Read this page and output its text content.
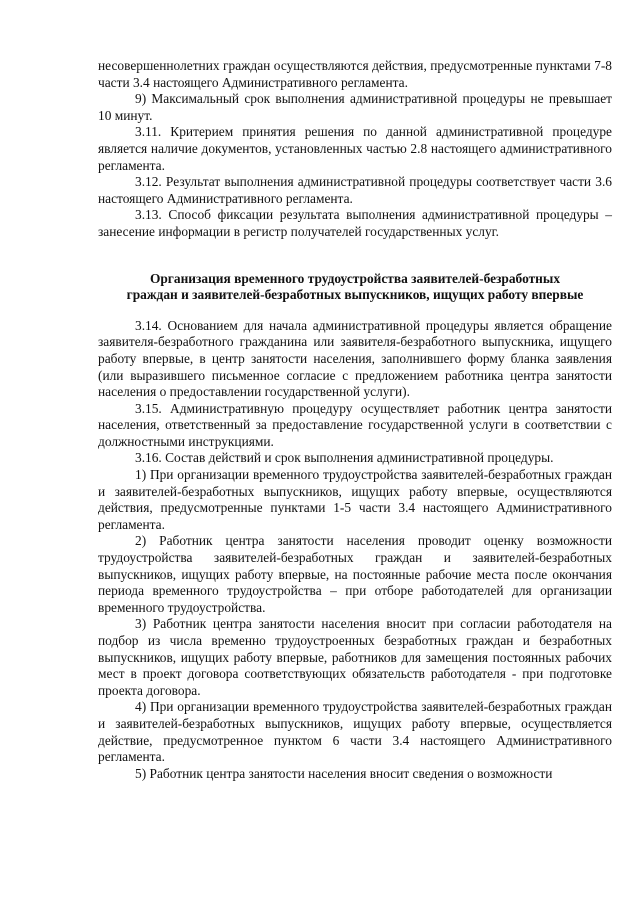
несовершеннолетних граждан осуществляются действия, предусмотренные пунктами 7-8 части 3.4 настоящего Административного регламента.

9) Максимальный срок выполнения административной процедуры не превышает 10 минут.

3.11. Критерием принятия решения по данной административной процедуре является наличие документов, установленных частью 2.8 настоящего административного регламента.

3.12. Результат выполнения административной процедуры соответствует части 3.6 настоящего Административного регламента.

3.13. Способ фиксации результата выполнения административной процедуры – занесение информации в регистр получателей государственных услуг.

Организация временного трудоустройства заявителей-безработных
граждан и заявителей-безработных выпускников, ищущих работу впервые

3.14. Основанием для начала административной процедуры является обращение заявителя-безработного гражданина или заявителя-безработного выпускника, ищущего работу впервые, в центр занятости населения, заполнившего форму бланка заявления (или выразившего письменное согласие с предложением работника центра занятости населения о предоставлении государственной услуги).

3.15. Административную процедуру осуществляет работник центра занятости населения, ответственный за предоставление государственной услуги в соответствии с должностными инструкциями.

3.16. Состав действий и срок выполнения административной процедуры.

1) При организации временного трудоустройства заявителей-безработных граждан и заявителей-безработных выпускников, ищущих работу впервые, осуществляются действия, предусмотренные пунктами 1-5 части 3.4 настоящего Административного регламента.

2) Работник центра занятости населения проводит оценку возможности трудоустройства заявителей-безработных граждан и заявителей-безработных выпускников, ищущих работу впервые, на постоянные рабочие места после окончания периода временного трудоустройства – при отборе работодателей для организации временного трудоустройства.

3) Работник центра занятости населения вносит при согласии работодателя на подбор из числа временно трудоустроенных безработных граждан и безработных выпускников, ищущих работу впервые, работников для замещения постоянных рабочих мест в проект договора соответствующих обязательств работодателя - при подготовке проекта договора.

4) При организации временного трудоустройства заявителей-безработных граждан и заявителей-безработных выпускников, ищущих работу впервые, осуществляется действие, предусмотренное пунктом 6 части 3.4 настоящего Административного регламента.

5) Работник центра занятости населения вносит сведения о возможности
